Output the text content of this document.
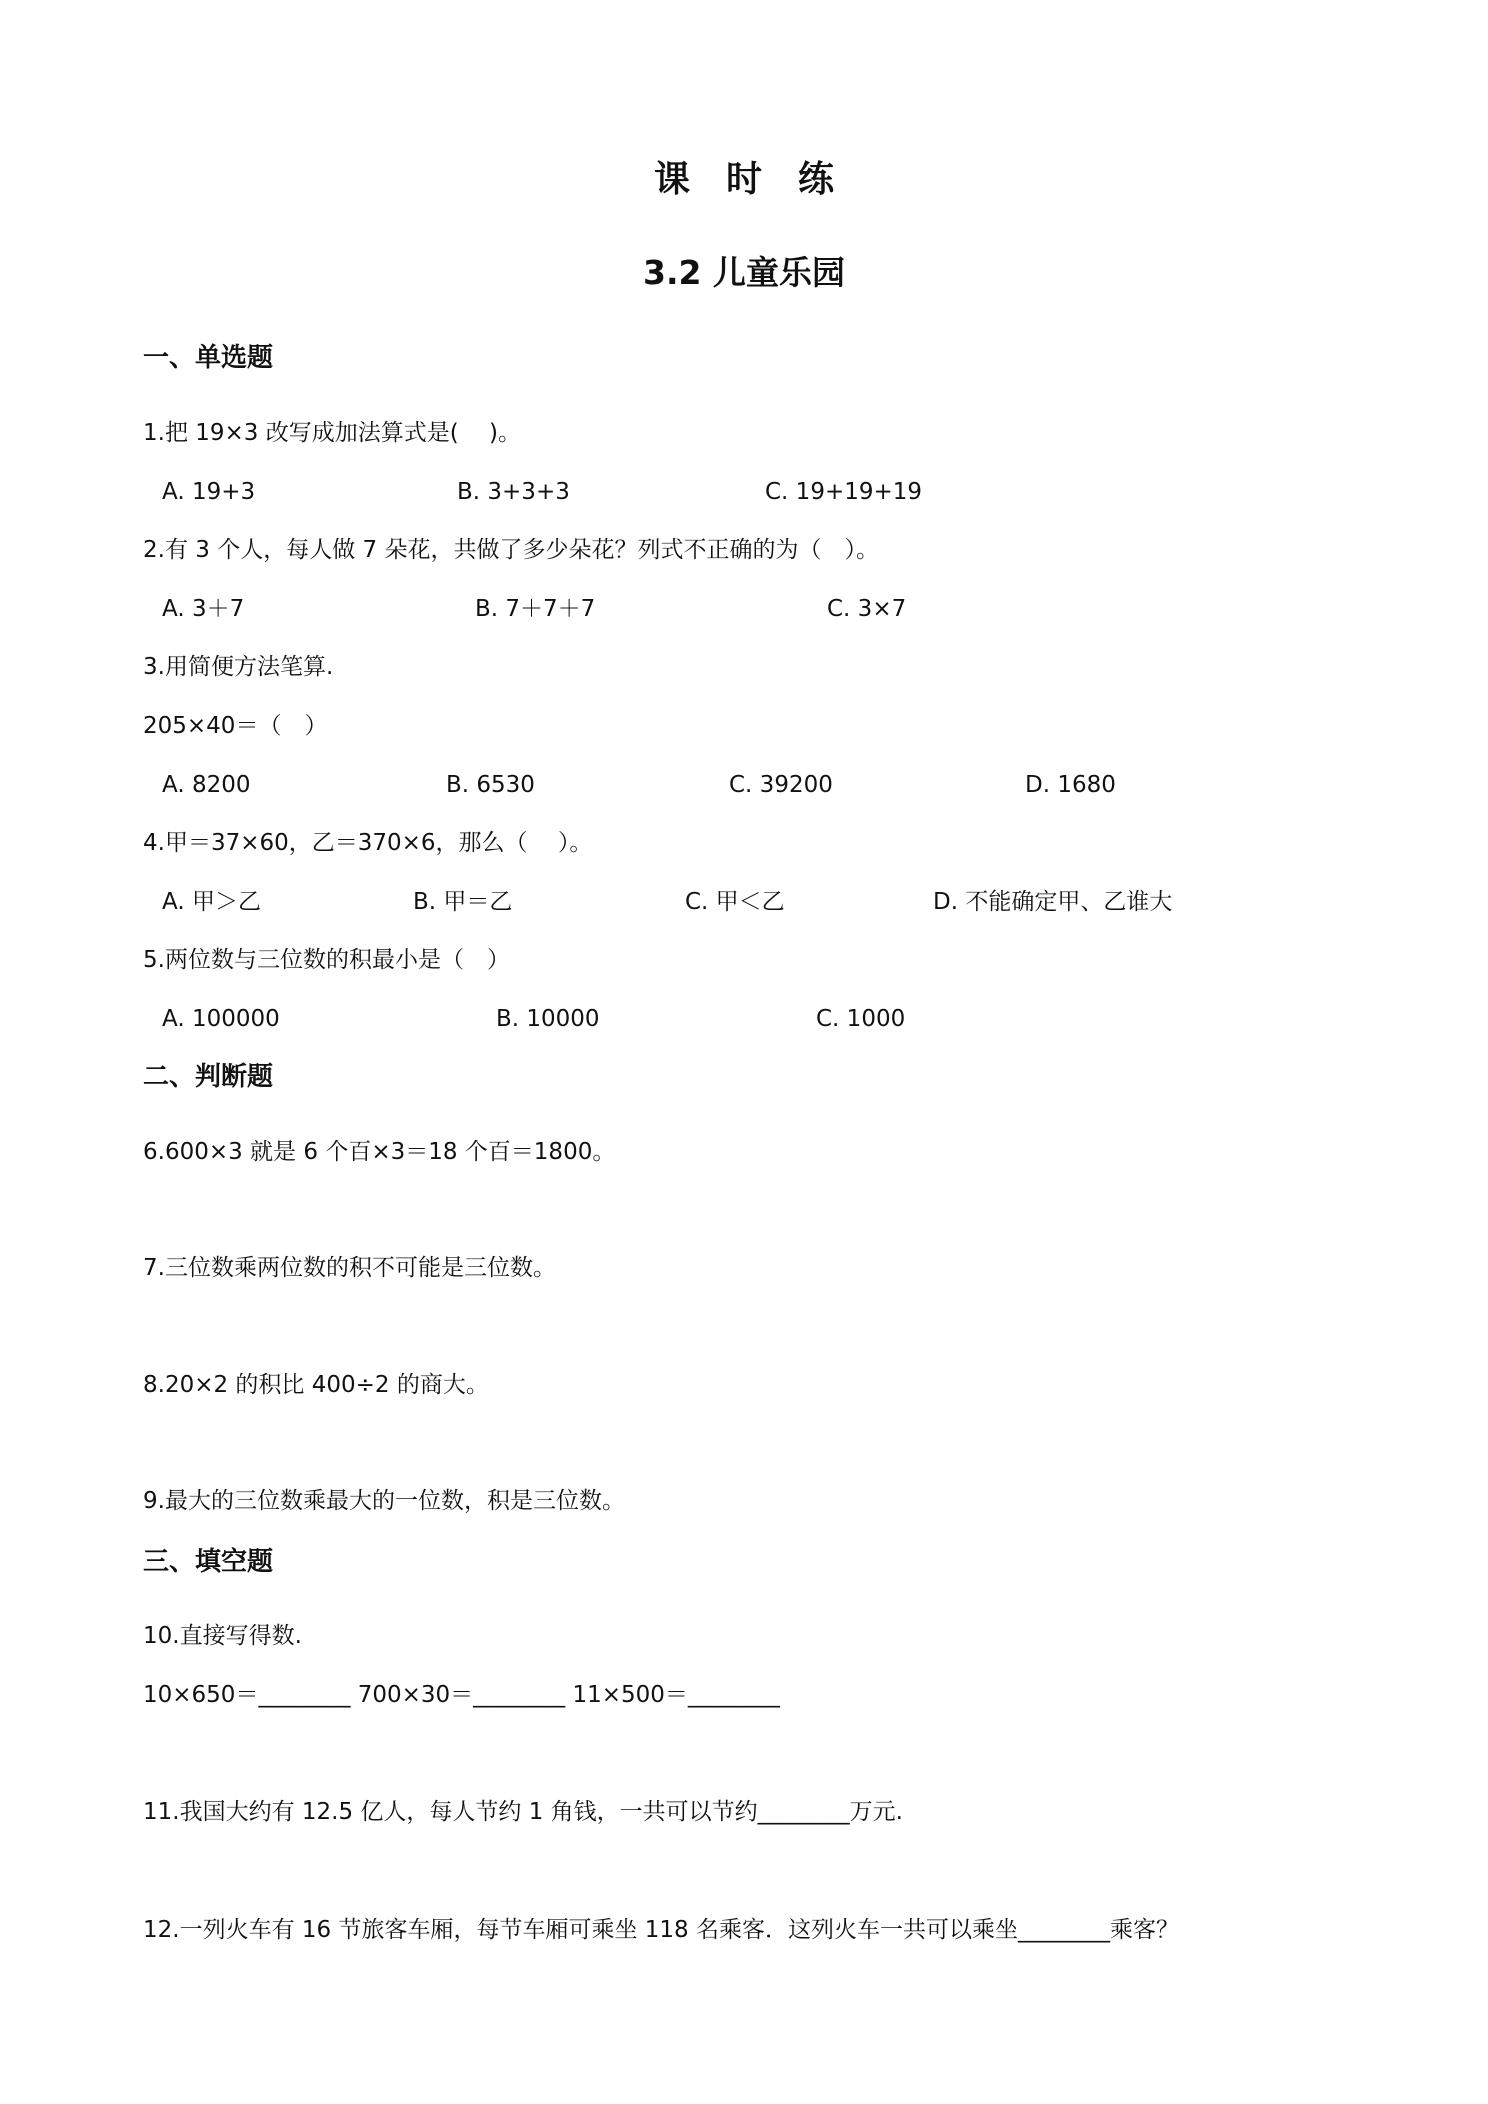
课　时　练
3.2 儿童乐园
一、单选题
1.把 19×3 改写成加法算式是(　 )。
A. 19+3	B. 3+3+3	C. 19+19+19
2.有 3 个人，每人做 7 朵花，共做了多少朵花？列式不正确的为（　）。
A. 3＋7	B. 7＋7＋7	C. 3×7
3.用简便方法笔算.
205×40＝（　）
A. 8200	B. 6530	C. 39200	D. 1680
4.甲＝37×60，乙＝370×6，那么（　 ）。
A. 甲＞乙	B. 甲＝乙	C. 甲＜乙	D. 不能确定甲、乙谁大
5.两位数与三位数的积最小是（　）
A. 100000	B. 10000	C. 1000
二、判断题
6.600×3 就是 6 个百×3＝18 个百＝1800。
7.三位数乘两位数的积不可能是三位数。
8.20×2 的积比 400÷2 的商大。
9.最大的三位数乘最大的一位数，积是三位数。
三、填空题
10.直接写得数.
10×650＝________ 700×30＝________ 11×500＝________
11.我国大约有 12.5 亿人，每人节约 1 角钱，一共可以节约________万元.
12.一列火车有 16 节旅客车厢，每节车厢可乘坐 118 名乘客．这列火车一共可以乘坐________乘客？
